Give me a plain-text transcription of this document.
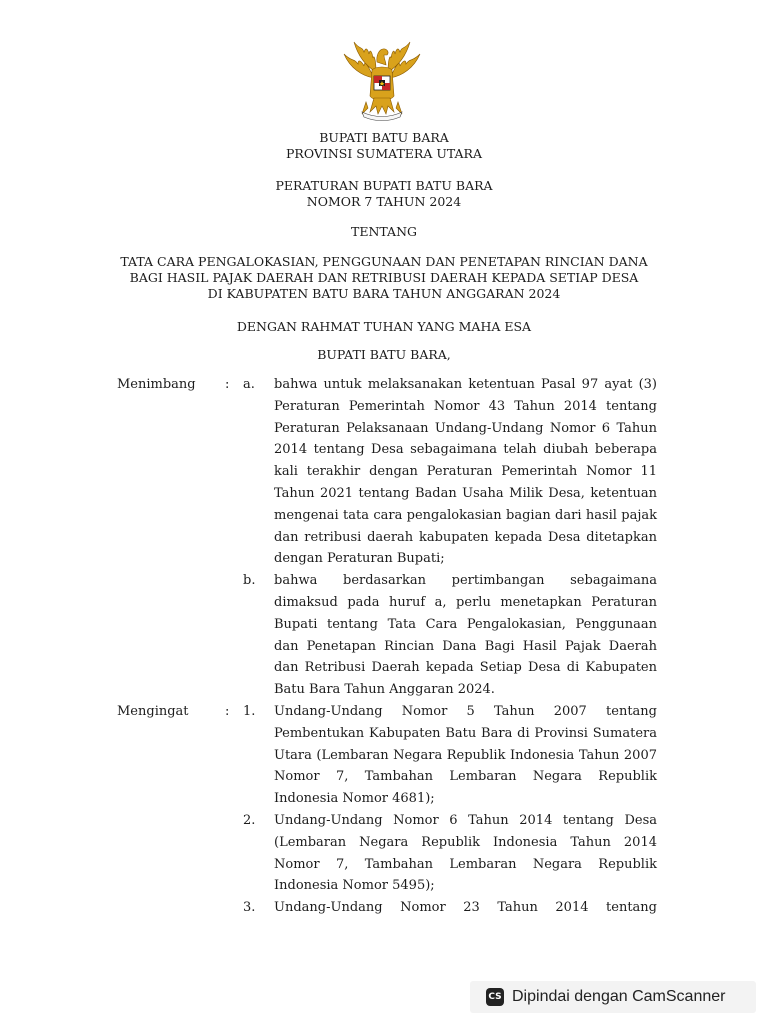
BUPATI BATU BARA
PROVINSI SUMATERA UTARA
PERATURAN BUPATI BATU BARA
NOMOR 7 TAHUN 2024
TENTANG
TATA CARA PENGALOKASIAN, PENGGUNAAN DAN PENETAPAN RINCIAN DANA
BAGI HASIL PAJAK DAERAH DAN RETRIBUSI DAERAH KEPADA SETIAP DESA
DI KABUPATEN BATU BARA TAHUN ANGGARAN 2024
DENGAN RAHMAT TUHAN YANG MAHA ESA
BUPATI BATU BARA,
Menimbang	:	a.	bahwa untuk melaksanakan ketentuan Pasal 97 ayat (3) Peraturan Pemerintah Nomor 43 Tahun 2014 tentang Peraturan Pelaksanaan Undang-Undang Nomor 6 Tahun 2014 tentang Desa sebagaimana telah diubah beberapa kali terakhir dengan Peraturan Pemerintah Nomor 11 Tahun 2021 tentang Badan Usaha Milik Desa, ketentuan mengenai tata cara pengalokasian bagian dari hasil pajak dan retribusi daerah kabupaten kepada Desa ditetapkan dengan Peraturan Bupati;
b.	bahwa berdasarkan pertimbangan sebagaimana dimaksud pada huruf a, perlu menetapkan Peraturan Bupati tentang Tata Cara Pengalokasian, Penggunaan dan Penetapan Rincian Dana Bagi Hasil Pajak Daerah dan Retribusi Daerah kepada Setiap Desa di Kabupaten Batu Bara Tahun Anggaran 2024.
Mengingat	:	1.	Undang-Undang Nomor 5 Tahun 2007 tentang Pembentukan Kabupaten Batu Bara di Provinsi Sumatera Utara (Lembaran Negara Republik Indonesia Tahun 2007 Nomor 7, Tambahan Lembaran Negara Republik Indonesia Nomor 4681);
2.	Undang-Undang Nomor 6 Tahun 2014 tentang Desa (Lembaran Negara Republik Indonesia Tahun 2014 Nomor 7, Tambahan Lembaran Negara Republik Indonesia Nomor 5495);
3.	Undang-Undang Nomor 23 Tahun 2014 tentang
CS Dipindai dengan CamScanner
